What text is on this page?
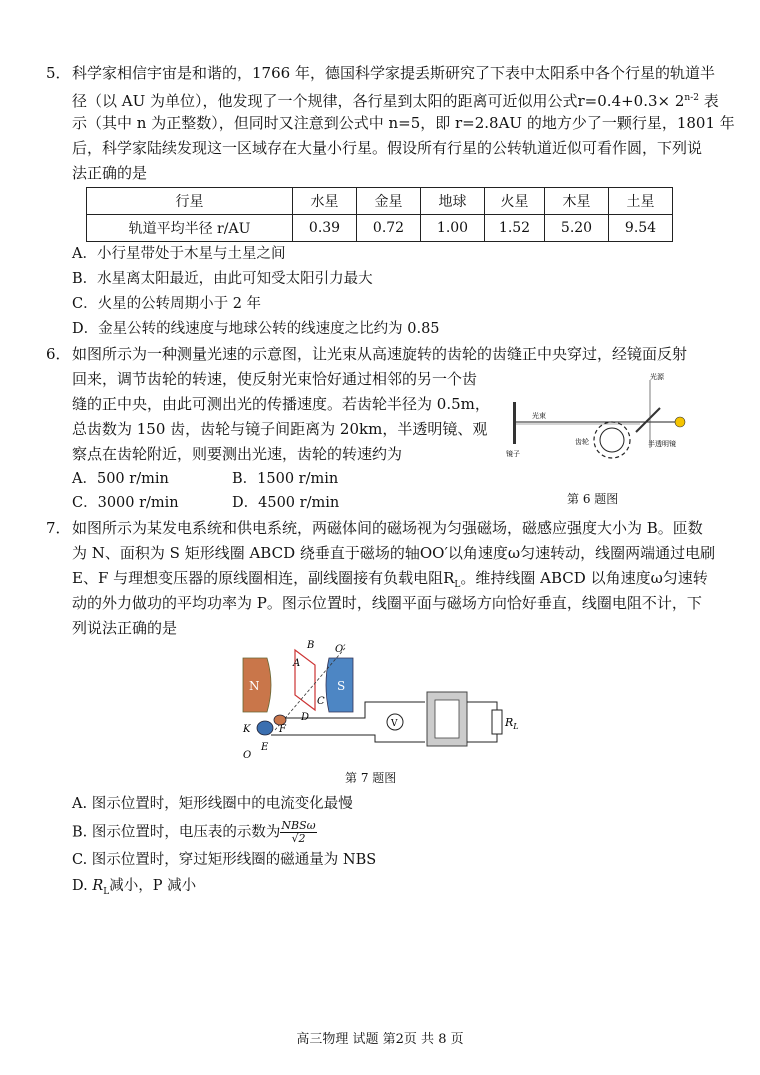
5． 科学家相信宇宙是和谐的，1766 年，德国科学家提丢斯研究了下表中太阳系中各个行星的轨道半
径（以 AU 为单位），他发现了一个规律，各行星到太阳的距离可近似用公式$r=0.4+0.3\times 2^{n-2}$ 表
示（其中 n 为正整数），但同时又注意到公式中 n=5，即 r=2.8AU 的地方少了一颗行星，1801 年
后，科学家陆续发现这一区域存在大量小行星。假设所有行星的公转轨道近似可看作圆，下列说
法正确的是
行星	水星	金星	地球	火星	木星	土星
轨道平均半径 r/AU	0.39	0.72	1.00	1.52	5.20	9.54
A．小行星带处于木星与土星之间
B．水星离太阳最近，由此可知受太阳引力最大
C．火星的公转周期小于 2 年
D．金星公转的线速度与地球公转的线速度之比约为 0.85
6． 如图所示为一种测量光速的示意图，让光束从高速旋转的齿轮的齿缝正中央穿过，经镜面反射
回来，调节齿轮的转速，使反射光束恰好通过相邻的另一个齿
缝的正中央，由此可测出光的传播速度。若齿轮半径为 0.5m，
总齿数为 150 齿，齿轮与镜子间距离为 20km，半透明镜、观
察点在齿轮附近，则要测出光速，齿轮的转速约为
A．500 r/min	B．1500 r/min
C．3000 r/min	D．4500 r/min
光源
光束
齿轮
镜子
半透明镜
第 6 题图
7． 如图所示为某发电系统和供电系统，两磁体间的磁场视为匀强磁场，磁感应强度大小为 B。匝数
为 N、面积为 S 矩形线圈 ABCD 绕垂直于磁场的轴OO′以角速度ω匀速转动，线圈两端通过电刷
E、F 与理想变压器的原线圈相连，副线圈接有负载电阻$R_L$。维持线圈 ABCD 以角速度ω匀速转
动的外力做功的平均功率为 P。图示位置时，线圈平面与磁场方向恰好垂直，线圈电阻不计，下
列说法正确的是
N	S
V	$R_L$
B
A
C
D
F
E
K
O
O′
第 7 题图
A. 图示位置时，矩形线圈中的电流变化最慢
B. 图示位置时，电压表的示数为 $\frac{\text{NBSω}}{√2}$
C. 图示位置时，穿过矩形线圈的磁通量为 NBS
D. $R_L$减小，P 减小
高三物理 试题 第2页 共 8 页
